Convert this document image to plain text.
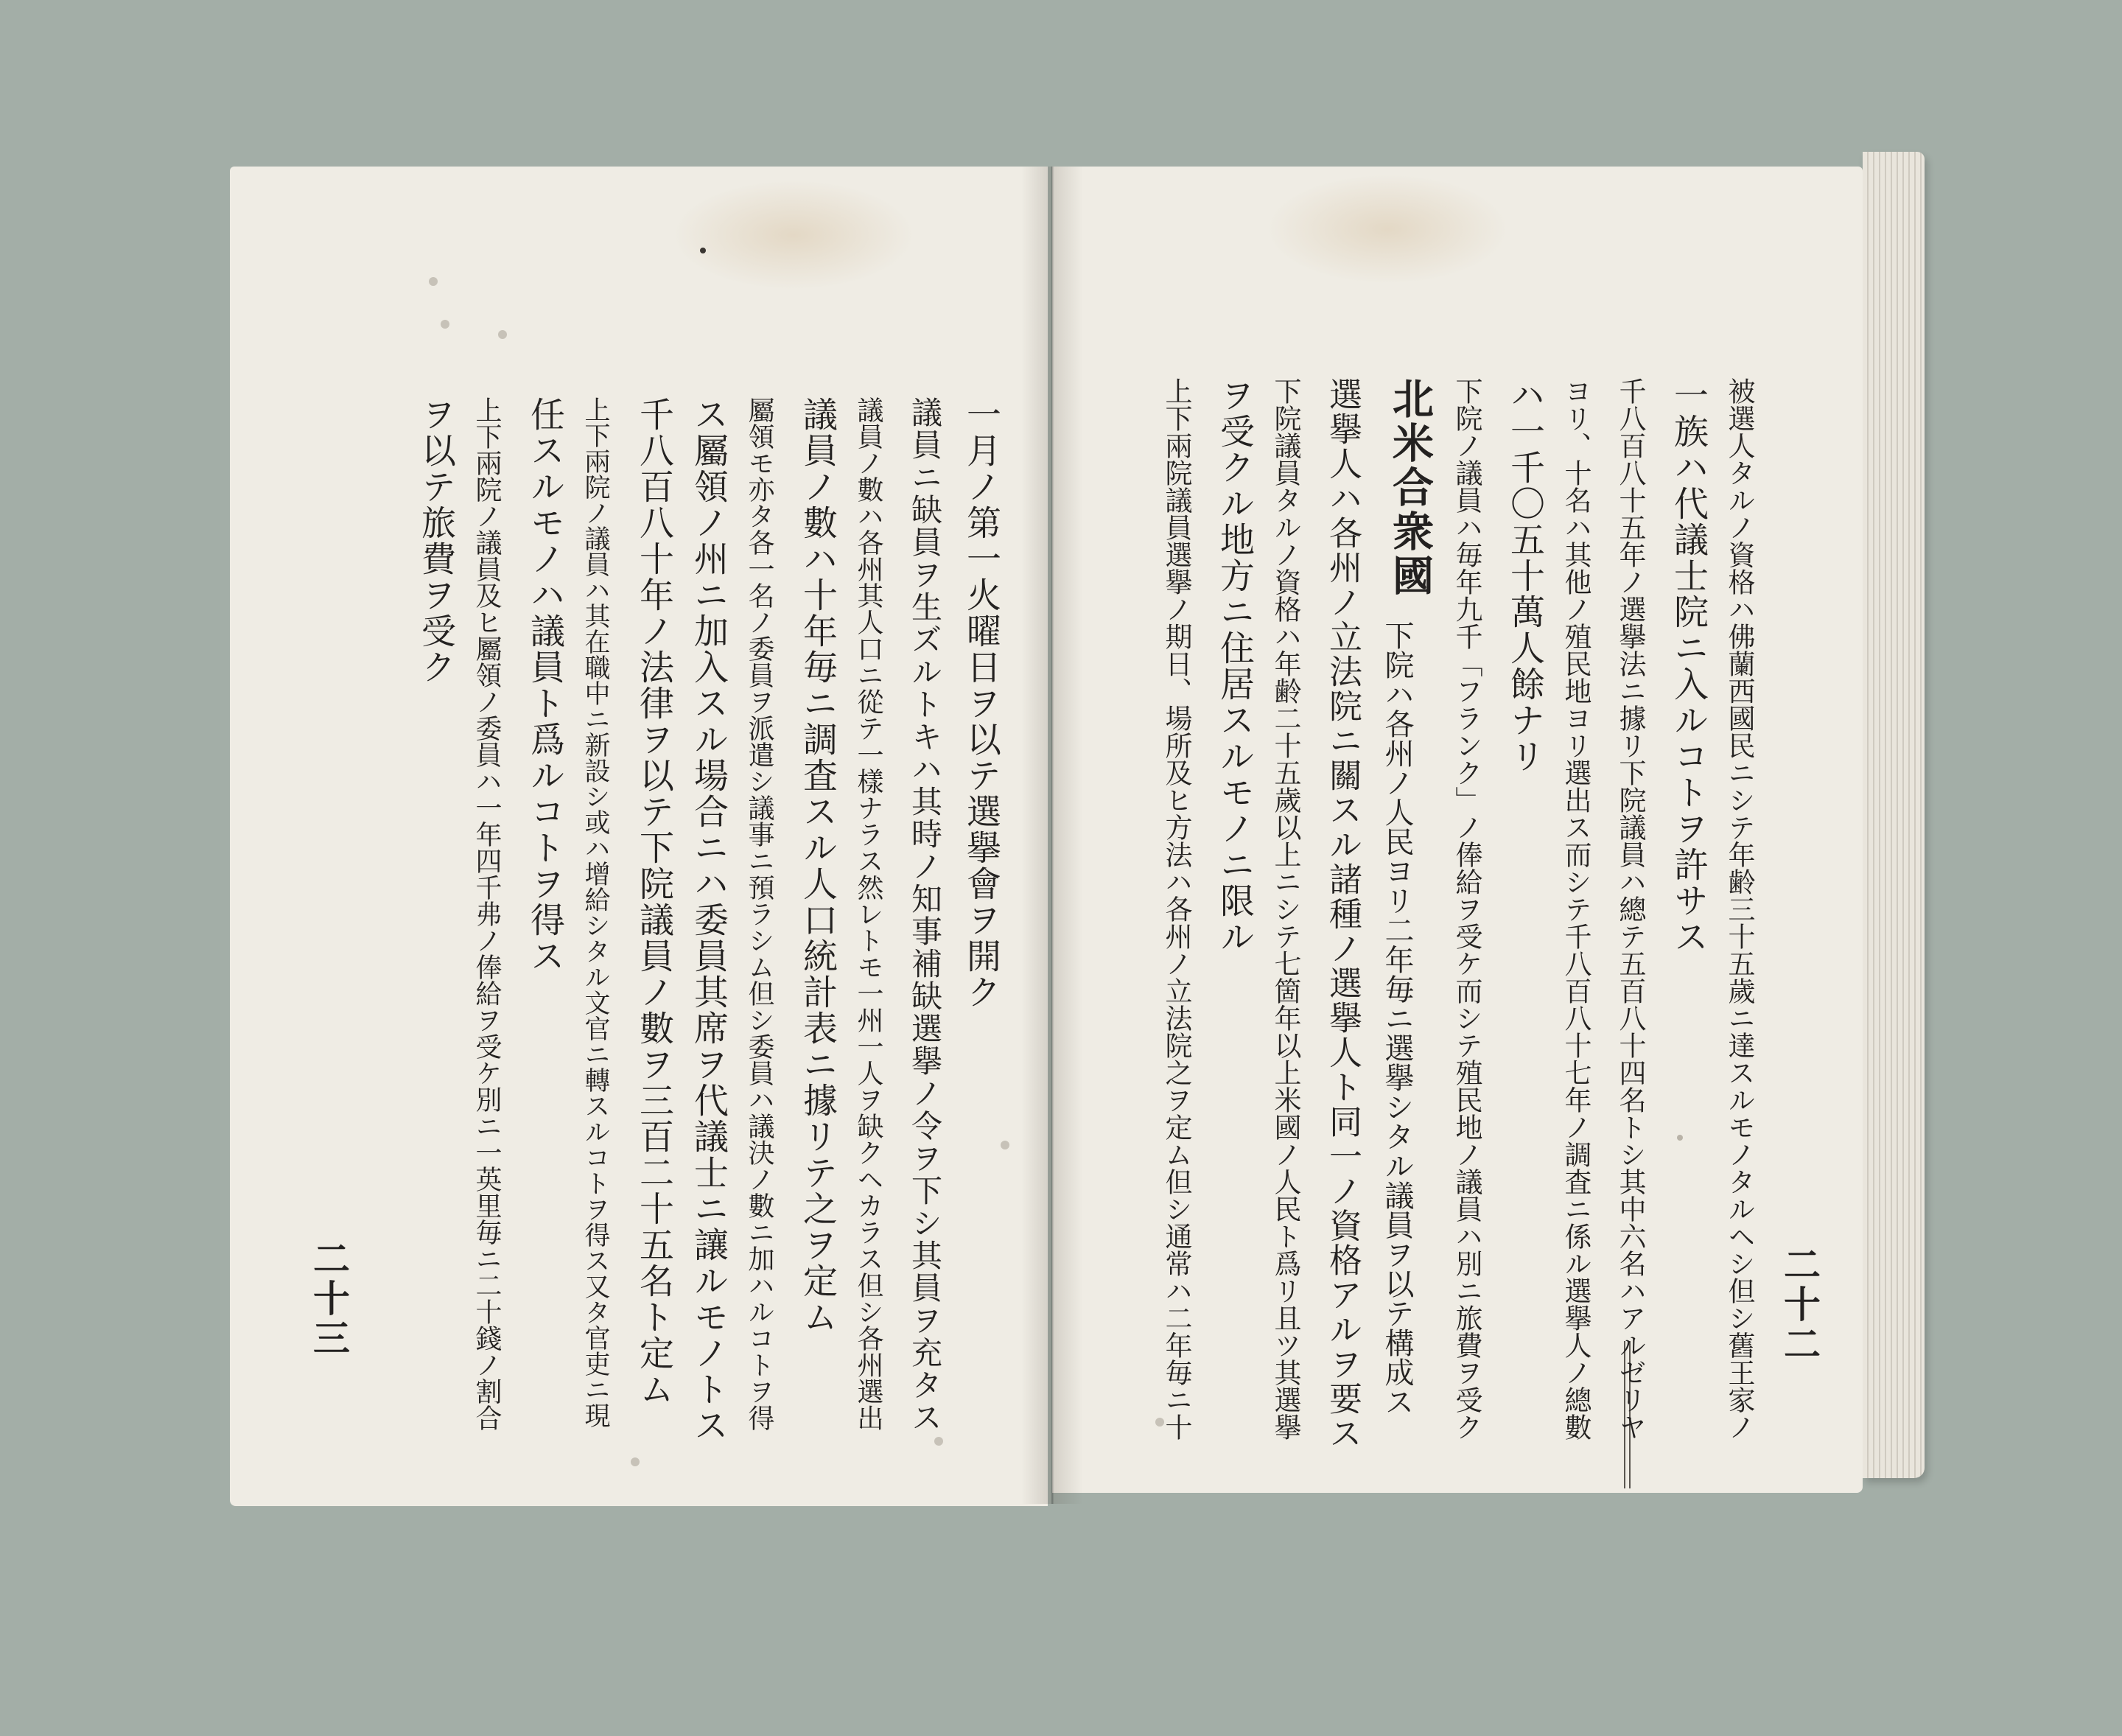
二十二

被選人タルノ資格ハ佛蘭西國民ニシテ年齢三十五歲ニ達スルモノタルヘシ但シ舊王家ノ

一族ハ代議士院ニ入ルコトヲ許サス

千八百八十五年ノ選擧法ニ據リ下院議員ハ總テ五百八十四名トシ其中六名ハアルゼリヤ

ヨリ、十名ハ其他ノ殖民地ヨリ選出ス而シテ千八百八十七年ノ調査ニ係ル選擧人ノ總數

ハ一千〇五十萬人餘ナリ

下院ノ議員ハ毎年九千「フランク」ノ俸給ヲ受ケ而シテ殖民地ノ議員ハ別ニ旅費ヲ受ク

北米合衆國

下院ハ各州ノ人民ヨリ二年毎ニ選擧シタル議員ヲ以テ構成ス

選擧人ハ各州ノ立法院ニ關スル諸種ノ選擧人ト同一ノ資格アルヲ要ス

下院議員タルノ資格ハ年齢二十五歲以上ニシテ七箇年以上米國ノ人民ト爲リ且ツ其選擧

ヲ受クル地方ニ住居スルモノニ限ル

上下兩院議員選擧ノ期日、場所及ヒ方法ハ各州ノ立法院之ヲ定ム但シ通常ハ二年毎ニ十

一月ノ第一火曜日ヲ以テ選擧會ヲ開ク

議員ニ缺員ヲ生ズルトキハ其時ノ知事補缺選擧ノ令ヲ下シ其員ヲ充タス

議員ノ數ハ各州其人口ニ從テ一樣ナラス然レトモ一州一人ヲ缺クヘカラス但シ各州選出

議員ノ數ハ十年毎ニ調査スル人口統計表ニ據リテ之ヲ定ム

屬領モ亦タ各一名ノ委員ヲ派遣シ議事ニ預ラシム但シ委員ハ議決ノ數ニ加ハルコトヲ得

ス屬領ノ州ニ加入スル場合ニハ委員其席ヲ代議士ニ讓ルモノトス

千八百八十年ノ法律ヲ以テ下院議員ノ數ヲ三百二十五名ト定ム

上下兩院ノ議員ハ其在職中ニ新設シ或ハ增給シタル文官ニ轉スルコトヲ得ス又タ官吏ニ現

任スルモノハ議員ト爲ルコトヲ得ス

上下兩院ノ議員及ヒ屬領ノ委員ハ一年四千弗ノ俸給ヲ受ケ別ニ一英里毎ニ二十錢ノ割合

ヲ以テ旅費ヲ受ク

二十三
